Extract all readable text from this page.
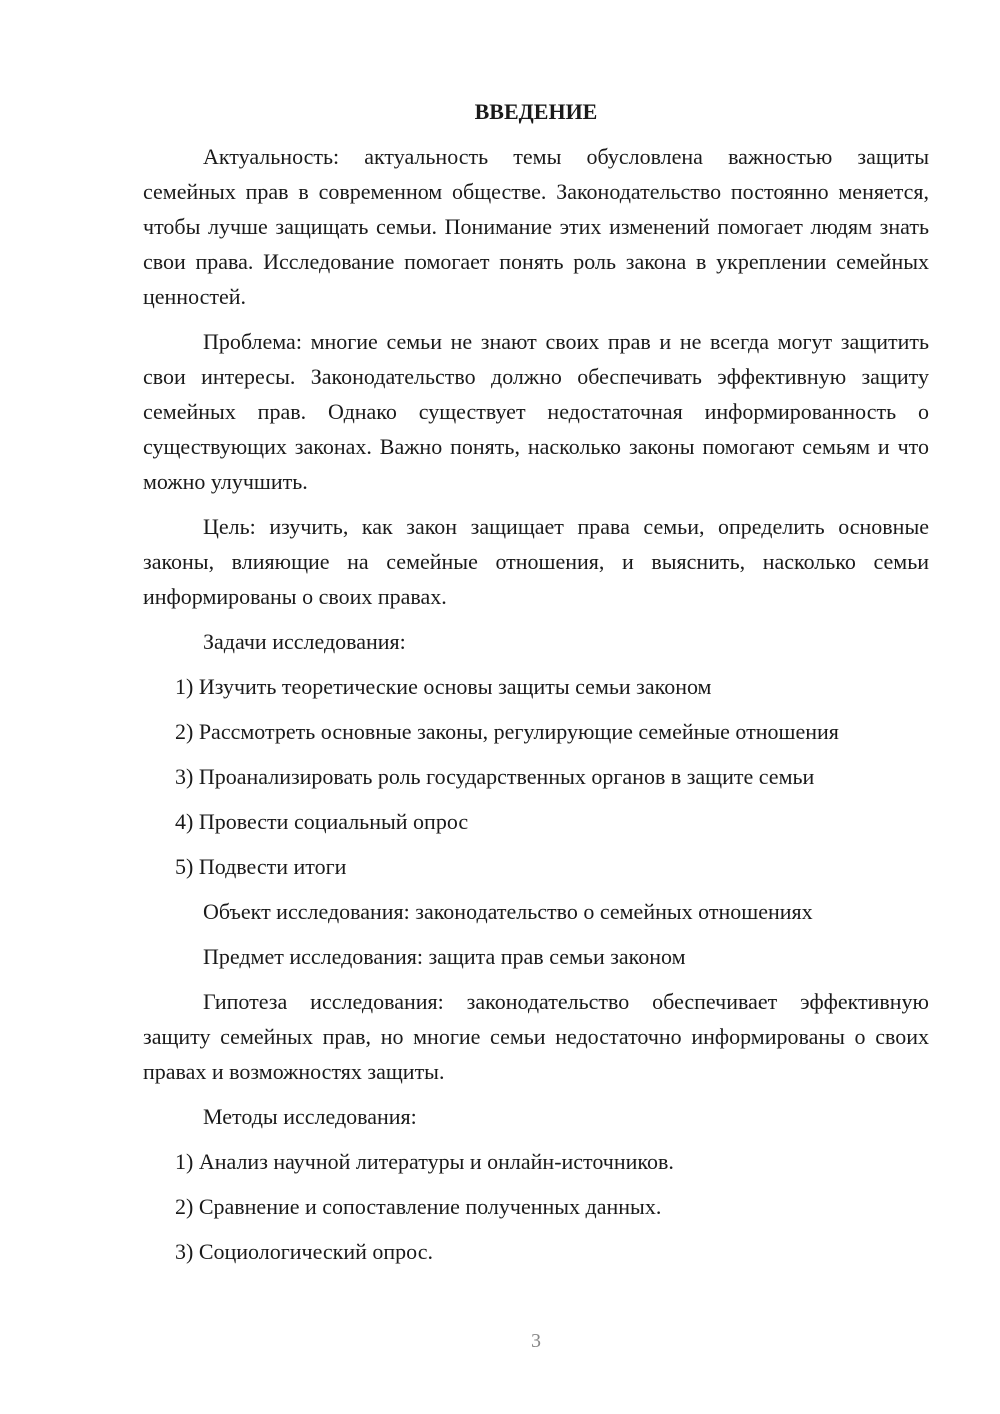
ВВЕДЕНИЕ

Актуальность: актуальность темы обусловлена важностью защиты семейных прав в современном обществе. Законодательство постоянно меняется, чтобы лучше защищать семьи. Понимание этих изменений помогает людям знать свои права. Исследование помогает понять роль закона в укреплении семейных ценностей.

Проблема: многие семьи не знают своих прав и не всегда могут защитить свои интересы. Законодательство должно обеспечивать эффективную защиту семейных прав. Однако существует недостаточная информированность о существующих законах. Важно понять, насколько законы помогают семьям и что можно улучшить.

Цель: изучить, как закон защищает права семьи, определить основные законы, влияющие на семейные отношения, и выяснить, насколько семьи информированы о своих правах.

Задачи исследования:

1) Изучить теоретические основы защиты семьи законом
2) Рассмотреть основные законы, регулирующие семейные отношения
3) Проанализировать роль государственных органов в защите семьи
4) Провести социальный опрос
5) Подвести итоги

Объект исследования: законодательство о семейных отношениях

Предмет исследования: защита прав семьи законом

Гипотеза исследования: законодательство обеспечивает эффективную защиту семейных прав, но многие семьи недостаточно информированы о своих правах и возможностях защиты.

Методы исследования:

1) Анализ научной литературы и онлайн-источников.
2) Сравнение и сопоставление полученных данных.
3) Социологический опрос.
3
